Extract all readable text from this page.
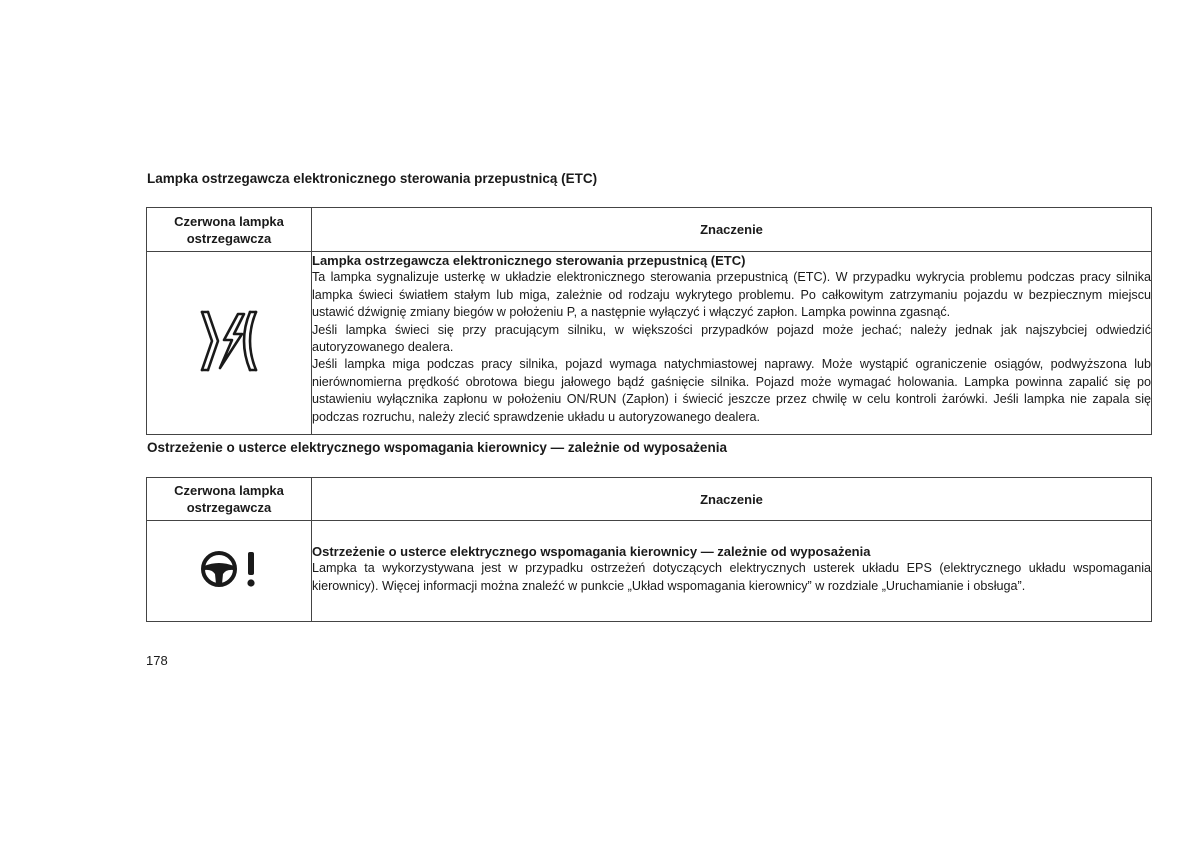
Lampka ostrzegawcza elektronicznego sterowania przepustnicą (ETC)
Czerwona lampka ostrzegawcza	Znaczenie

Lampka ostrzegawcza elektronicznego sterowania przepustnicą (ETC)

Ta lampka sygnalizuje usterkę w układzie elektronicznego sterowania przepustnicą (ETC). W przypadku wykrycia problemu podczas pracy silnika lampka świeci światłem stałym lub miga, zależnie od rodzaju wykrytego problemu. Po całkowitym zatrzymaniu pojazdu w bezpiecznym miejscu ustawić dźwignię zmiany biegów w położeniu P, a następnie wyłączyć i włączyć zapłon. Lampka powinna zgasnąć.

Jeśli lampka świeci się przy pracującym silniku, w większości przypadków pojazd może jechać; należy jednak jak najszybciej odwiedzić autoryzowanego dealera.

Jeśli lampka miga podczas pracy silnika, pojazd wymaga natychmiastowej naprawy. Może wystąpić ograniczenie osiągów, podwyższona lub nierównomierna prędkość obrotowa biegu jałowego bądź gaśnięcie silnika. Pojazd może wymagać holowania. Lampka powinna zapalić się po ustawieniu wyłącznika zapłonu w położeniu ON/RUN (Zapłon) i świecić jeszcze przez chwilę w celu kontroli żarówki. Jeśli lampka nie zapala się podczas rozruchu, należy zlecić sprawdzenie układu u autoryzowanego dealera.

Ostrzeżenie o usterce elektrycznego wspomagania kierownicy — zależnie od wyposażenia
Czerwona lampka ostrzegawcza	Znaczenie

Ostrzeżenie o usterce elektrycznego wspomagania kierownicy — zależnie od wyposażenia

Lampka ta wykorzystywana jest w przypadku ostrzeżeń dotyczących elektrycznych usterek układu EPS (elektrycznego układu wspomagania kierownicy). Więcej informacji można znaleźć w punkcie „Układ wspomagania kierownicy” w rozdziale „Uruchamianie i obsługa”.

178
